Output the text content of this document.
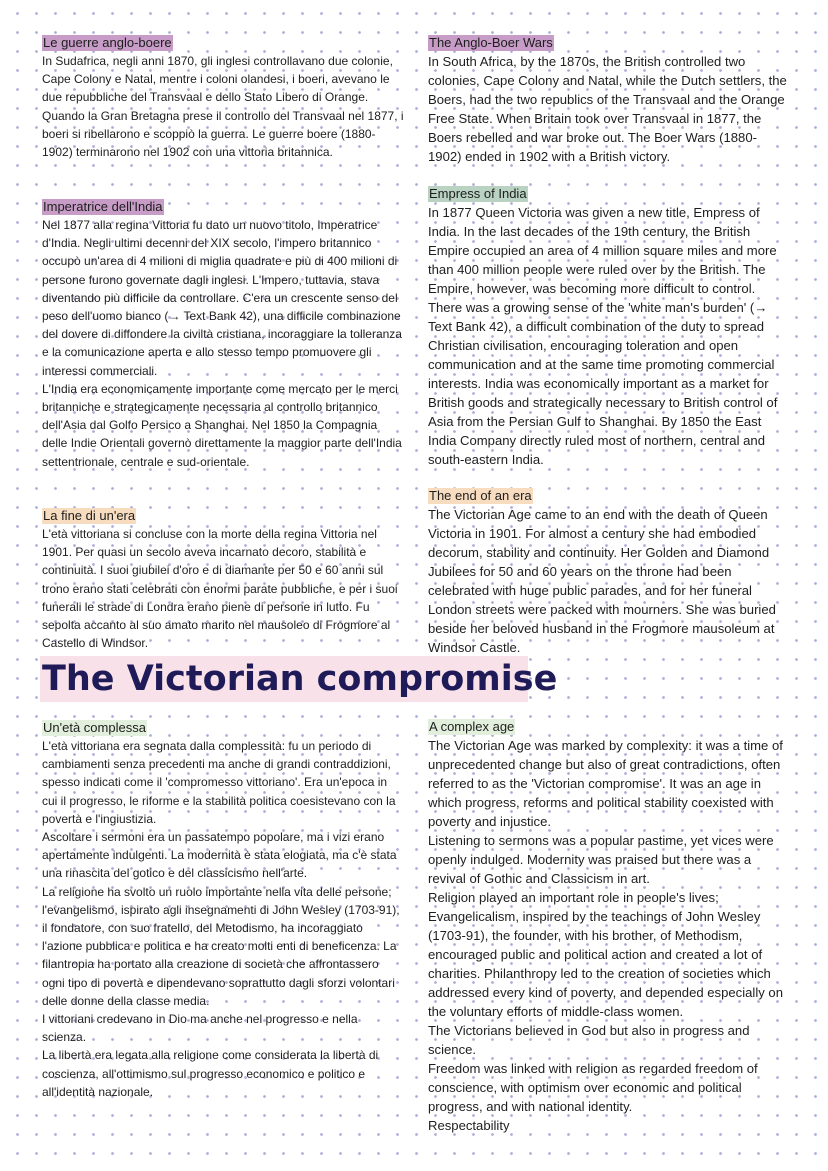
Le guerre anglo-boere

In Sudafrica, negli anni 1870, gli inglesi controllavano due colonie, Cape Colony e Natal, mentre i coloni olandesi, i boeri, avevano le due repubbliche del Transvaal e dello Stato Libero di Orange. Quando la Gran Bretagna prese il controllo del Transvaal nel 1877, i boeri si ribellarono e scoppiò la guerra. Le guerre boere (1880-1902) terminarono nel 1902 con una vittoria britannica.

Imperatrice dell'India

Nel 1877 alla regina Vittoria fu dato un nuovo titolo, Imperatrice d'India. Negli ultimi decenni del XIX secolo, l'impero britannico occupò un'area di 4 milioni di miglia quadrate e più di 400 milioni di persone furono governate dagli inglesi. L'Impero, tuttavia, stava diventando più difficile da controllare. C'era un crescente senso del peso dell'uomo bianco (→ Text Bank 42), una difficile combinazione del dovere di diffondere la civiltà cristiana, incoraggiare la tolleranza e la comunicazione aperta e allo stesso tempo promuovere gli interessi commerciali.

L'India era economicamente importante come mercato per le merci britanniche e strategicamente necessaria al controllo britannico dell'Asia dal Golfo Persico a Shanghai. Nel 1850 la Compagnia delle Indie Orientali governò direttamente la maggior parte dell'India settentrionale, centrale e sud-orientale.

La fine di un'era

L'età vittoriana si concluse con la morte della regina Vittoria nel 1901. Per quasi un secolo aveva incarnato decoro, stabilità e continuità. I suoi giubilei d'oro e di diamante per 50 e 60 anni sul trono erano stati celebrati con enormi parate pubbliche, e per i suoi funerali le strade di Londra erano piene di persone in lutto. Fu sepolta accanto al suo amato marito nel mausoleo di Frogmore al Castello di Windsor.

Un'età complessa

L'età vittoriana era segnata dalla complessità: fu un periodo di cambiamenti senza precedenti ma anche di grandi contraddizioni, spesso indicati come il 'compromesso vittoriano'. Era un'epoca in cui il progresso, le riforme e la stabilità politica coesistevano con la povertà e l'ingiustizia.

Ascoltare i sermoni era un passatempo popolare, ma i vizi erano apertamente indulgenti. La modernità è stata elogiata, ma c'è stata una rinascita del gotico e del classicismo nell'arte.

La religione ha svolto un ruolo importante nella vita delle persone; l'evangelismo, ispirato agli insegnamenti di John Wesley (1703-91), il fondatore, con suo fratello, del Metodismo, ha incoraggiato l'azione pubblica e politica e ha creato molti enti di beneficenza. La filantropia ha portato alla creazione di società che affrontassero ogni tipo di povertà e dipendevano soprattutto dagli sforzi volontari delle donne della classe media.

I vittoriani credevano in Dio ma anche nel progresso e nella scienza.

La libertà era legata alla religione come considerata la libertà di coscienza, all'ottimismo sul progresso economico e politico e all'identità nazionale.

The Anglo-Boer Wars

In South Africa, by the 1870s, the British controlled two colonies, Cape Colony and Natal, while the Dutch settlers, the Boers, had the two republics of the Transvaal and the Orange Free State. When Britain took over Transvaal in 1877, the Boers rebelled and war broke out. The Boer Wars (1880-1902) ended in 1902 with a British victory.

Empress of India

In 1877 Queen Victoria was given a new title, Empress of India. In the last decades of the 19th century, the British Empire occupied an area of 4 million square miles and more than 400 million people were ruled over by the British. The Empire, however, was becoming more difficult to control. There was a growing sense of the 'white man's burden' (→ Text Bank 42), a difficult combination of the duty to spread Christian civilisation, encouraging toleration and open communication and at the same time promoting commercial interests. India was economically important as a market for British goods and strategically necessary to British control of Asia from the Persian Gulf to Shanghai. By 1850 the East India Company directly ruled most of northern, central and south-eastern India.

The end of an era

The Victorian Age came to an end with the death of Queen Victoria in 1901. For almost a century she had embodied decorum, stability and continuity. Her Golden and Diamond Jubilees for 50 and 60 years on the throne had been celebrated with huge public parades, and for her funeral London streets were packed with mourners. She was buried beside her beloved husband in the Frogmore mausoleum at Windsor Castle.

A complex age

The Victorian Age was marked by complexity: it was a time of unprecedented change but also of great contradictions, often referred to as the 'Victorian compromise'. It was an age in which progress, reforms and political stability coexisted with poverty and injustice.

Listening to sermons was a popular pastime, yet vices were openly indulged. Modernity was praised but there was a revival of Gothic and Classicism in art.

Religion played an important role in people's lives; Evangelicalism, inspired by the teachings of John Wesley (1703-91), the founder, with his brother, of Methodism, encouraged public and political action and created a lot of charities. Philanthropy led to the creation of societies which addressed every kind of poverty, and depended especially on the voluntary efforts of middle-class women.

The Victorians believed in God but also in progress and science.

Freedom was linked with religion as regarded freedom of conscience, with optimism over economic and political progress, and with national identity.

Respectability

The Victorian compromise
